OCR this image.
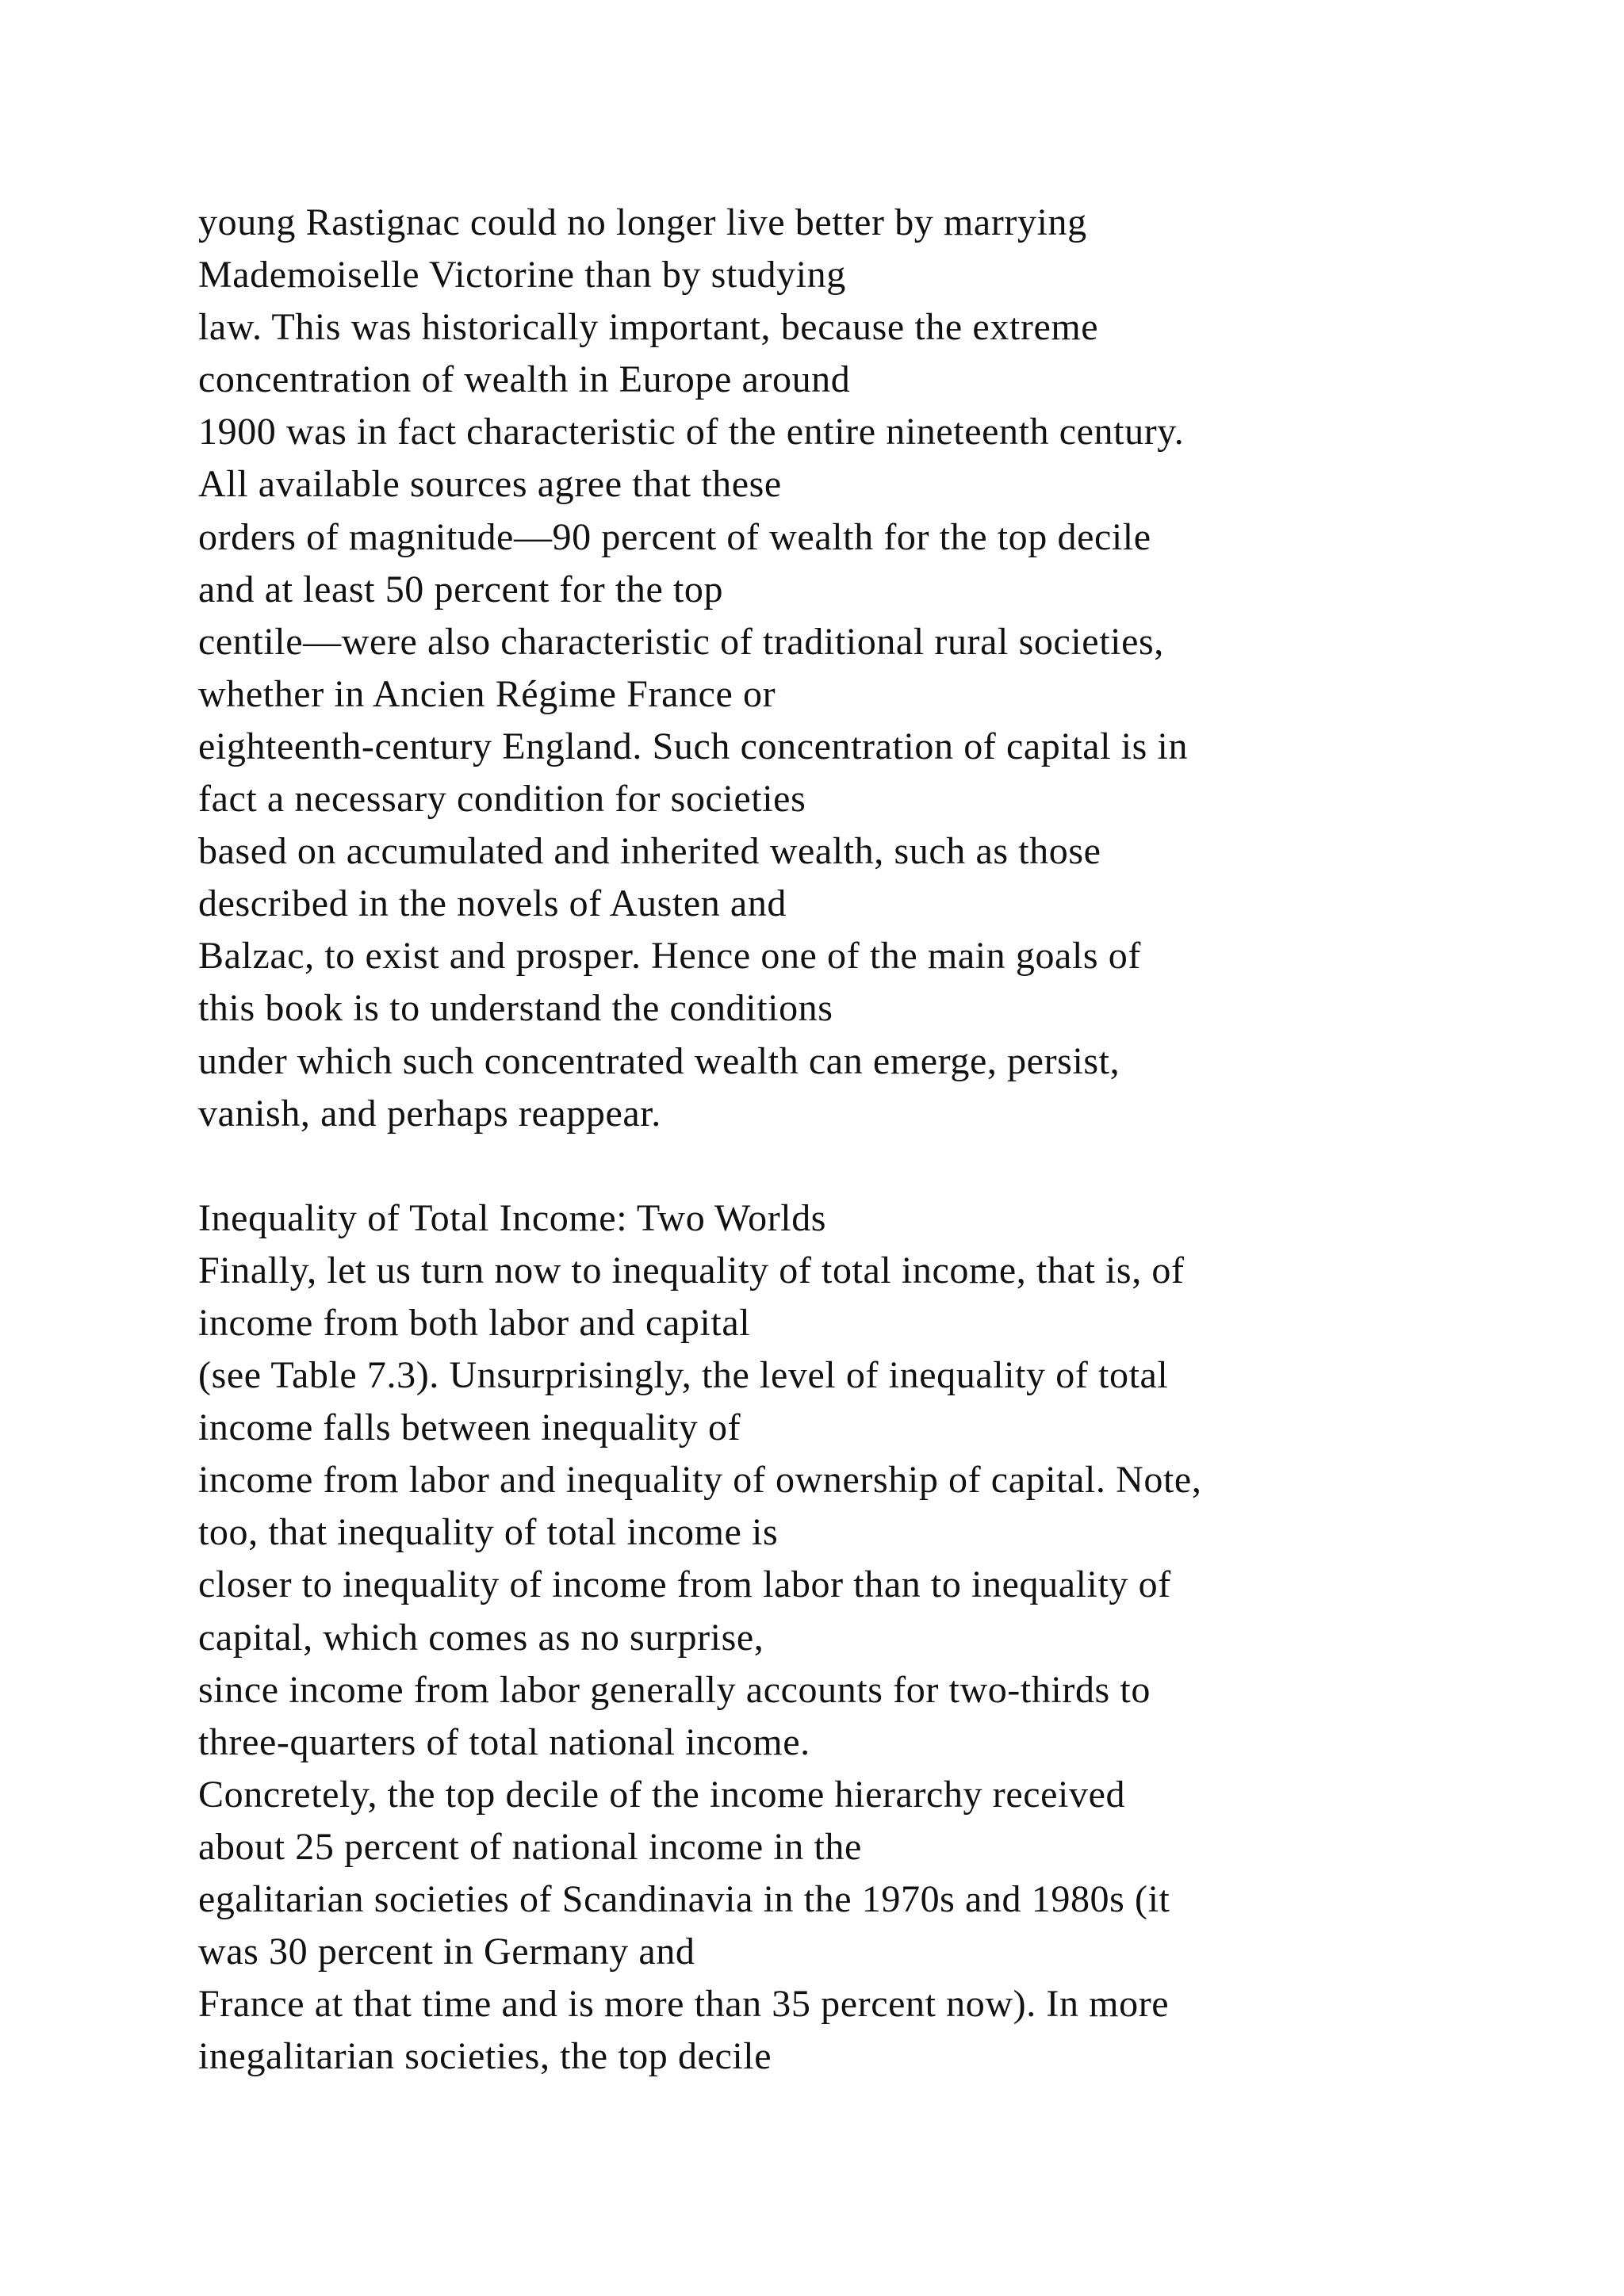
young Rastignac could no longer live better by marrying
Mademoiselle Victorine than by studying
law. This was historically important, because the extreme
concentration of wealth in Europe around
1900 was in fact characteristic of the entire nineteenth century.
All available sources agree that these
orders of magnitude—90 percent of wealth for the top decile
and at least 50 percent for the top
centile—were also characteristic of traditional rural societies,
whether in Ancien Régime France or
eighteenth-century England. Such concentration of capital is in
fact a necessary condition for societies
based on accumulated and inherited wealth, such as those
described in the novels of Austen and
Balzac, to exist and prosper. Hence one of the main goals of
this book is to understand the conditions
under which such concentrated wealth can emerge, persist,
vanish, and perhaps reappear.
Inequality of Total Income: Two Worlds
Finally, let us turn now to inequality of total income, that is, of
income from both labor and capital
(see Table 7.3). Unsurprisingly, the level of inequality of total
income falls between inequality of
income from labor and inequality of ownership of capital. Note,
too, that inequality of total income is
closer to inequality of income from labor than to inequality of
capital, which comes as no surprise,
since income from labor generally accounts for two-thirds to
three-quarters of total national income.
Concretely, the top decile of the income hierarchy received
about 25 percent of national income in the
egalitarian societies of Scandinavia in the 1970s and 1980s (it
was 30 percent in Germany and
France at that time and is more than 35 percent now). In more
inegalitarian societies, the top decile
